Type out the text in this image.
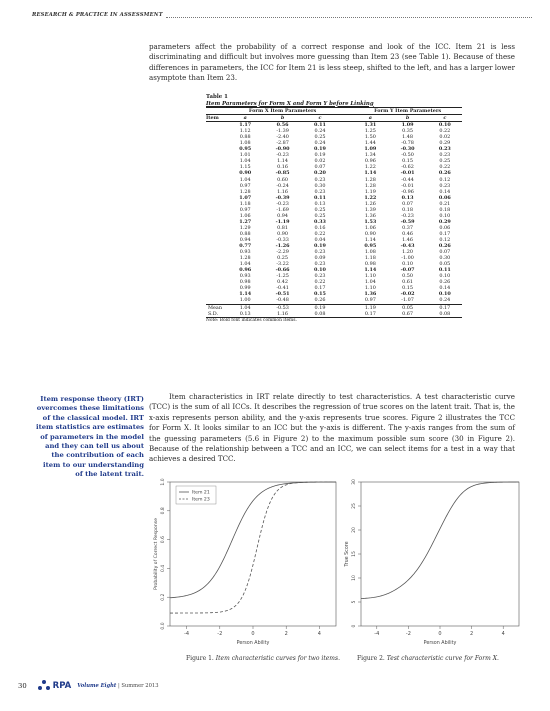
RESEARCH & PRACTICE IN ASSESSMENT

parameters affect the probability of a correct response and look of the ICC. Item 21 is less discriminating and difficult but involves more guessing than Item 23 (see Table 1). Because of these differences in parameters, the ICC for Item 21 is less steep, shifted to the left, and has a larger lower asymptote than Item 23.

Table 1
Item Parameters for Form X and Form Y before Linking
	Form X Item Parameters				Form Y Item Parameters		
Item	a	b	c		a	b	c
	1.17	0.56	0.11		1.31	1.09	0.10
	1.12	-1.39	0.24		1.25	0.35	0.22
	0.88	-2.40	0.25		1.50	1.48	0.02
	1.08	-2.87	0.24		1.44	-0.78	0.29
	0.95	-0.90	0.19		1.09	-0.30	0.23
	1.01	-0.23	0.19		1.34	-0.50	0.23
	1.04	1.14	0.02		0.96	0.15	0.25
	1.15	0.16	0.07		1.22	-0.62	0.22
	0.90	-0.85	0.20		1.14	-0.01	0.26
	1.04	0.60	0.23		1.28	-0.44	0.12
	0.97	-0.24	0.30		1.28	-0.01	0.23
	1.28	1.16	0.23		1.19	-0.96	0.14
	1.07	-0.39	0.11		1.22	0.13	0.06
	1.18	-0.23	0.13		1.26	0.07	0.21
	0.97	-1.69	0.25		1.39	0.18	0.18
	1.06	0.94	0.25		1.36	-0.23	0.10
	1.27	-1.19	0.33		1.53	-0.59	0.29
	1.29	0.81	0.16		1.06	0.37	0.06
	0.88	0.90	0.22		0.90	0.46	0.17
	0.94	-0.33	0.04		1.14	1.46	0.12
	0.77	-1.26	0.19		0.95	-0.43	0.26
	0.93	-2.29	0.23		1.08	1.20	0.07
	1.28	0.25	0.09		1.18	-1.00	0.30
	1.04	-3.22	0.23		0.98	0.10	0.05
	0.96	-0.66	0.10		1.14	-0.07	0.11
	0.93	-1.25	0.23		1.10	0.50	0.10
	0.98	0.42	0.22		1.04	0.61	0.26
	0.99	-0.41	0.17		1.10	0.15	0.14
	1.14	-0.51	0.15		1.36	-0.02	0.10
	1.00	-0.48	0.26		0.97	-1.07	0.24
Mean	1.04	-0.53	0.19		1.19	0.05	0.17
S.D.	0.13	1.16	0.08		0.17	0.67	0.08
Note: Bold font indicates common items.

Item response theory (IRT) overcomes these limitations of the classical model. IRT item statistics are estimates of parameters in the model and they can tell us about the contribution of each item to our understanding of the latent trait.

Item characteristics in IRT relate directly to test characteristics. A test characteristic curve (TCC) is the sum of all ICCs. It describes the regression of true scores on the latent trait. That is, the x-axis represents person ability, and the y-axis represents true scores. Figure 2 illustrates the TCC for Form X. It looks similar to an ICC but the y-axis is different. The y-axis ranges from the sum of the guessing parameters (5.6 in Figure 2) to the maximum possible sum score (30 in Figure 2). Because of the relationship between a TCC and an ICC, we can select items for a test in a way that achieves a desired TCC.

-4	-2	0	2	4
0.0
0.2
0.4
0.6
0.8
1.0
Person Ability
Probability of Correct Response
Item 21
Item 23
Figure 1. Item characteristic curves for two items.
-4	-2	0	2	4
0
5
10
15
20
25
30
Person Ability
True Score
Figure 2. Test characteristic curve for Form X.
30	RPA Volume Eight | Summer 2013
